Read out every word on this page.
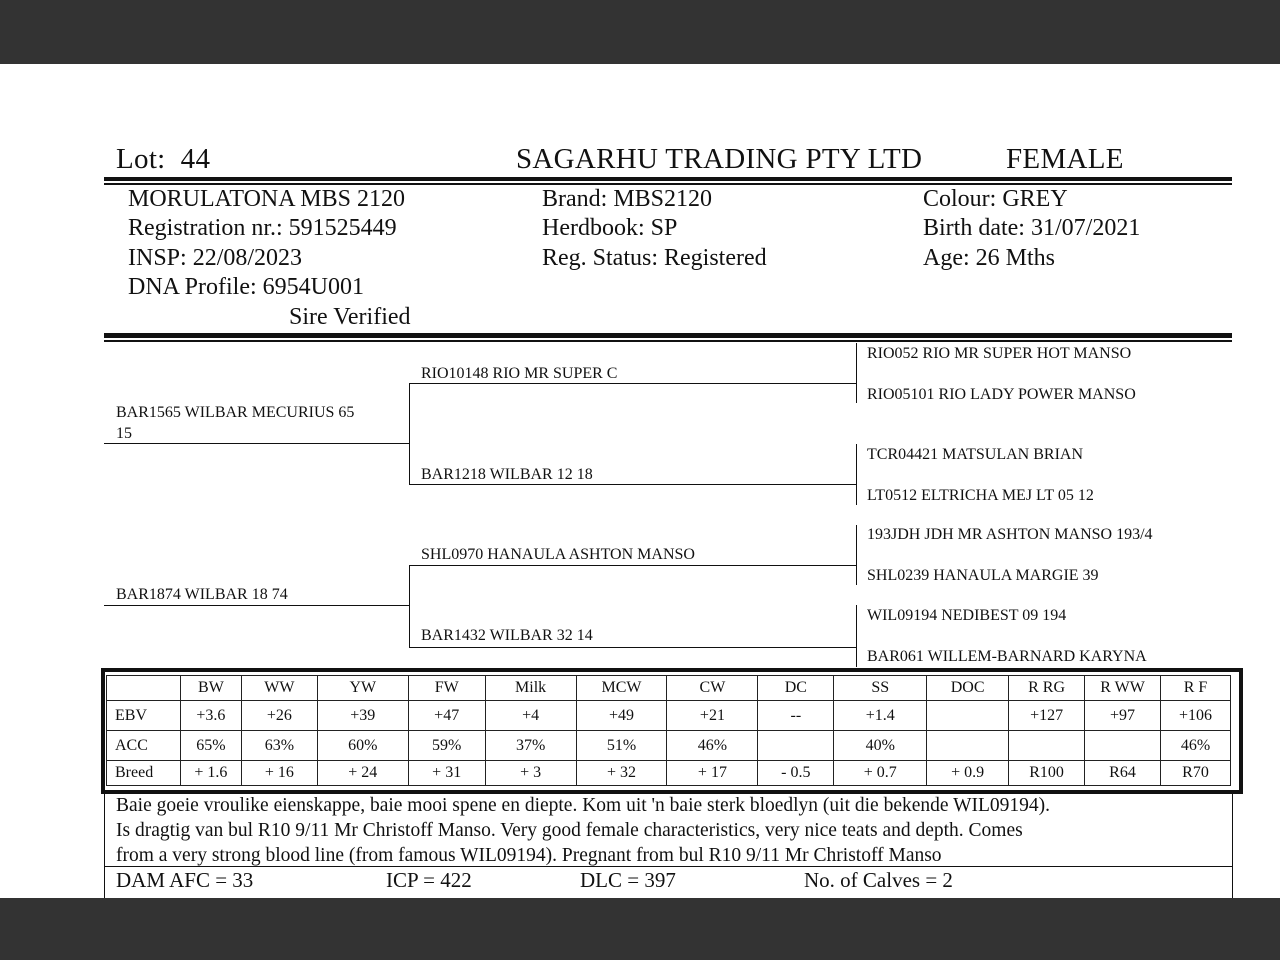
Lot: 44	SAGARHU TRADING PTY LTD	FEMALE
MORULATONA MBS 2120
Registration nr.: 591525449
INSP: 22/08/2023
DNA Profile: 6954U001
Sire Verified
Brand: MBS2120
Herdbook: SP
Reg. Status: Registered
Colour: GREY
Birth date: 31/07/2021
Age: 26 Mths
BAR1565 WILBAR MECURIUS 65
15
BAR1874 WILBAR 18 74
RIO10148 RIO MR SUPER C
BAR1218 WILBAR 12 18
SHL0970 HANAULA ASHTON MANSO
BAR1432 WILBAR 32 14
RIO052 RIO MR SUPER HOT MANSO
RIO05101 RIO LADY POWER MANSO
TCR04421 MATSULAN BRIAN
LT0512 ELTRICHA MEJ LT 05 12
193JDH JDH MR ASHTON MANSO 193/4
SHL0239 HANAULA MARGIE 39
WIL09194 NEDIBEST 09 194
BAR061 WILLEM-BARNARD KARYNA
	BW	WW	YW	FW	Milk	MCW	CW	DC	SS	DOC	R RG	R WW	R F
EBV	+3.6	+26	+39	+47	+4	+49	+21	--	+1.4		+127	+97	+106
ACC	65%	63%	60%	59%	37%	51%	46%		40%				46%
Breed	+ 1.6	+ 16	+ 24	+ 31	+ 3	+ 32	+ 17	- 0.5	+ 0.7	+ 0.9	R100	R64	R70
Baie goeie vroulike eienskappe, baie mooi spene en diepte. Kom uit 'n baie sterk bloedlyn (uit die bekende WIL09194).
Is dragtig van bul R10 9/11 Mr Christoff Manso. Very good female characteristics, very nice teats and depth. Comes
from a very strong blood line (from famous WIL09194). Pregnant from bul R10 9/11 Mr Christoff Manso
DAM AFC = 33	ICP = 422	DLC = 397	No. of Calves = 2
